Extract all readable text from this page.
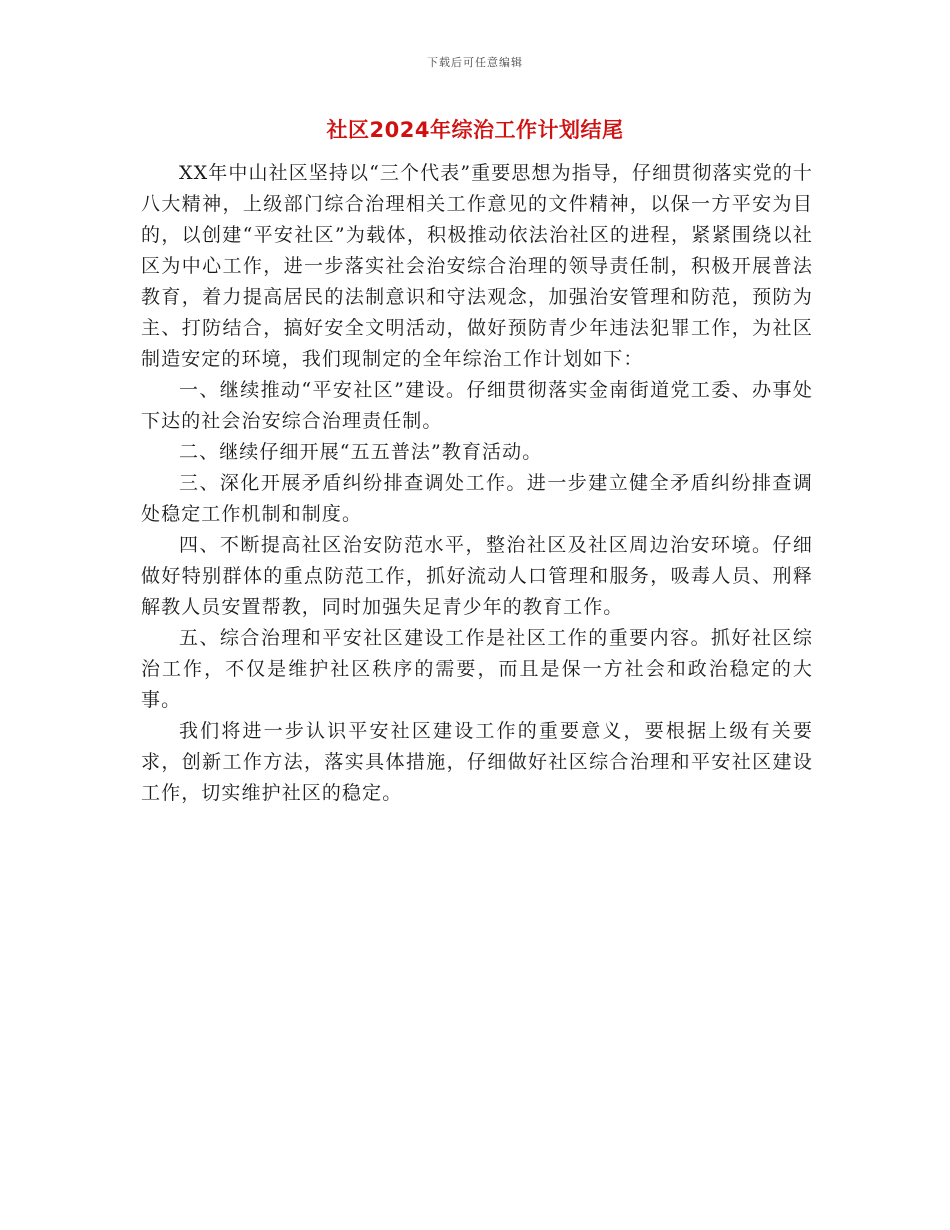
下载后可任意编辑
社区2024年综治工作计划结尾

XX年中山社区坚持以“三个代表”重要思想为指导，仔细贯彻落实党的十八大精神，上级部门综合治理相关工作意见的文件精神，以保一方平安为目的，以创建“平安社区”为载体，积极推动依法治社区的进程，紧紧围绕以社区为中心工作，进一步落实社会治安综合治理的领导责任制，积极开展普法教育，着力提高居民的法制意识和守法观念，加强治安管理和防范，预防为主、打防结合，搞好安全文明活动，做好预防青少年违法犯罪工作，为社区制造安定的环境，我们现制定的全年综治工作计划如下：

一、继续推动“平安社区”建设。仔细贯彻落实金南街道党工委、办事处下达的社会治安综合治理责任制。

二、继续仔细开展“五五普法”教育活动。

三、深化开展矛盾纠纷排查调处工作。进一步建立健全矛盾纠纷排查调处稳定工作机制和制度。

四、不断提高社区治安防范水平，整治社区及社区周边治安环境。仔细做好特别群体的重点防范工作，抓好流动人口管理和服务，吸毒人员、刑释解教人员安置帮教，同时加强失足青少年的教育工作。

五、综合治理和平安社区建设工作是社区工作的重要内容。抓好社区综治工作，不仅是维护社区秩序的需要，而且是保一方社会和政治稳定的大事。

我们将进一步认识平安社区建设工作的重要意义，要根据上级有关要求，创新工作方法，落实具体措施，仔细做好社区综合治理和平安社区建设工作，切实维护社区的稳定。
